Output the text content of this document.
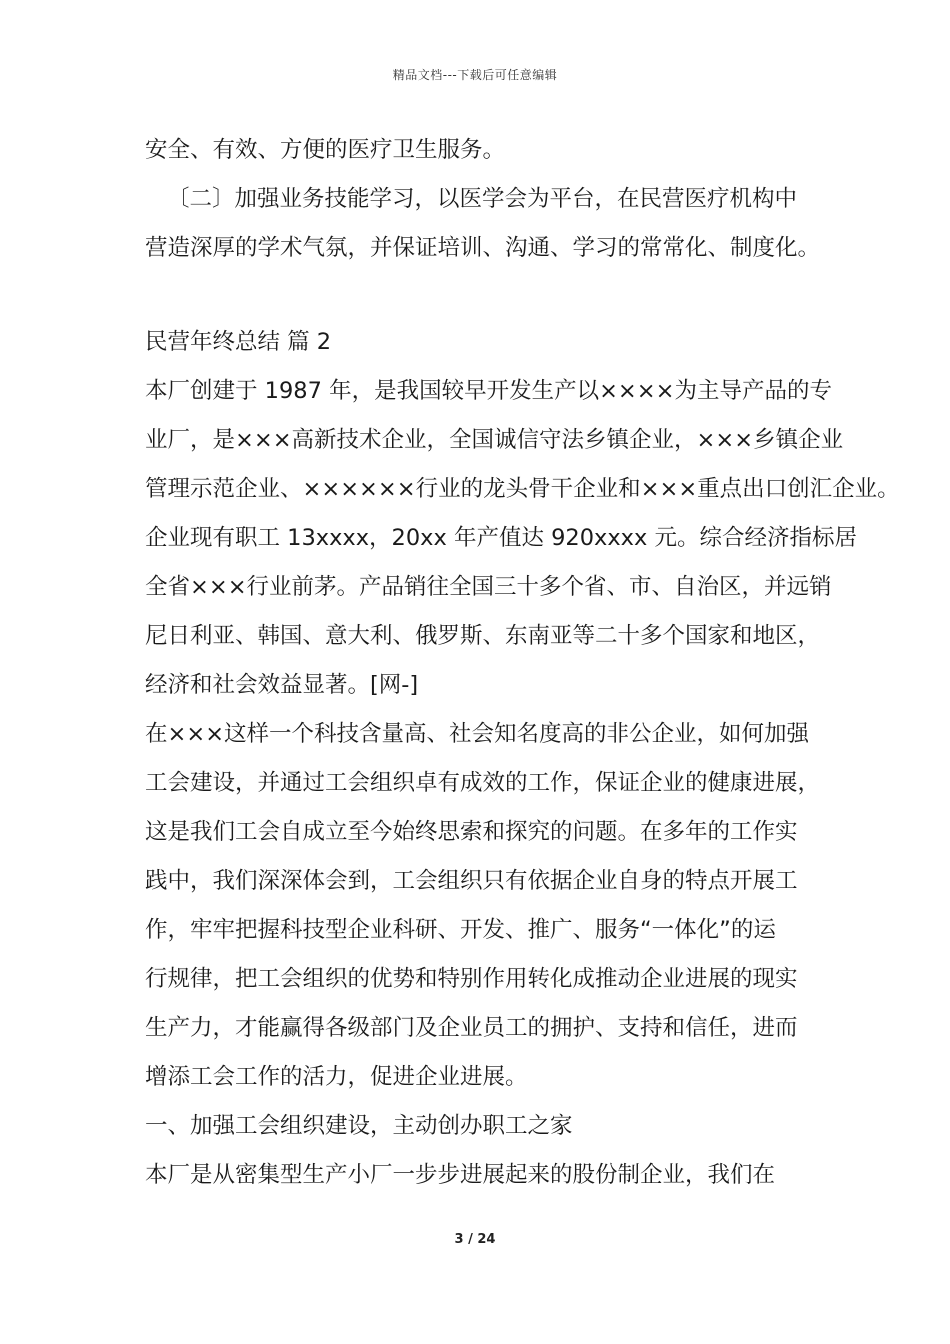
精品文档---下载后可任意编辑
安全、有效、方便的医疗卫生服务。
〔二〕加强业务技能学习，以医学会为平台，在民营医疗机构中
营造深厚的学术气氛，并保证培训、沟通、学习的常常化、制度化。
民营年终总结 篇 2
本厂创建于 1987 年，是我国较早开发生产以××××为主导产品的专
业厂，是×××高新技术企业，全国诚信守法乡镇企业，×××乡镇企业
管理示范企业、××××××行业的龙头骨干企业和×××重点出口创汇企业。
企业现有职工 13xxxx，20xx 年产值达 920xxxx 元。综合经济指标居
全省×××行业前茅。产品销往全国三十多个省、市、自治区，并远销
尼日利亚、韩国、意大利、俄罗斯、东南亚等二十多个国家和地区，
经济和社会效益显著。[网-]
在×××这样一个科技含量高、社会知名度高的非公企业，如何加强
工会建设，并通过工会组织卓有成效的工作，保证企业的健康进展，
这是我们工会自成立至今始终思索和探究的问题。在多年的工作实
践中，我们深深体会到，工会组织只有依据企业自身的特点开展工
作，牢牢把握科技型企业科研、开发、推广、服务“一体化”的运
行规律，把工会组织的优势和特别作用转化成推动企业进展的现实
生产力，才能赢得各级部门及企业员工的拥护、支持和信任，进而
增添工会工作的活力，促进企业进展。
一、加强工会组织建设，主动创办职工之家
本厂是从密集型生产小厂一步步进展起来的股份制企业，我们在
3 / 24
